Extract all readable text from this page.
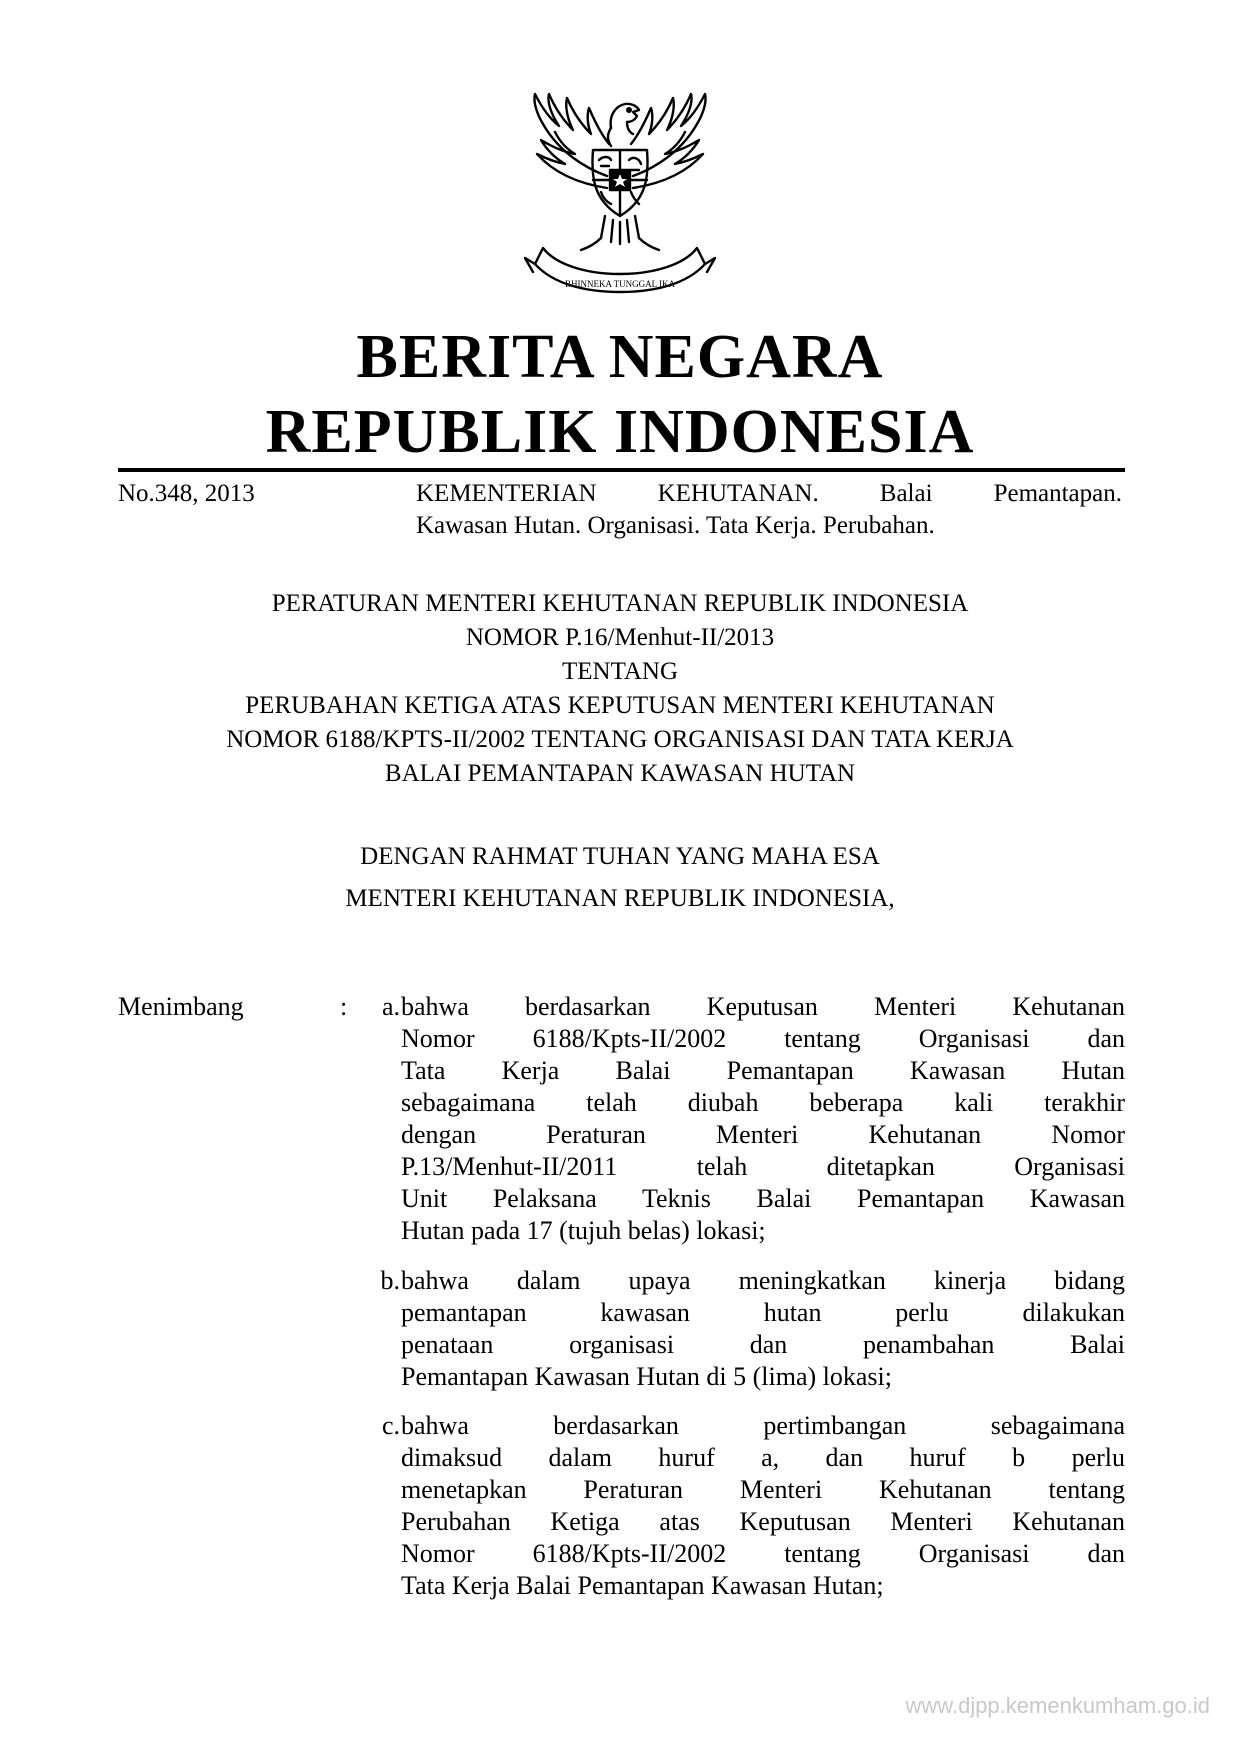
BHINNEKA TUNGGAL IKA
BERITA NEGARA
REPUBLIK INDONESIA
No.348, 2013	KEMENTERIAN KEHUTANAN. Balai Pemantapan.
Kawasan Hutan. Organisasi. Tata Kerja. Perubahan.
PERATURAN MENTERI KEHUTANAN REPUBLIK INDONESIA
NOMOR P.16/Menhut-II/2013
TENTANG
PERUBAHAN KETIGA ATAS KEPUTUSAN MENTERI KEHUTANAN
NOMOR 6188/KPTS-II/2002 TENTANG ORGANISASI DAN TATA KERJA
BALAI PEMANTAPAN KAWASAN HUTAN
DENGAN RAHMAT TUHAN YANG MAHA ESA
MENTERI KEHUTANAN REPUBLIK INDONESIA,
Menimbang	:	a. bahwa berdasarkan Keputusan Menteri Kehutanan
Nomor 6188/Kpts-II/2002 tentang Organisasi dan
Tata Kerja Balai Pemantapan Kawasan Hutan
sebagaimana telah diubah beberapa kali terakhir
dengan Peraturan Menteri Kehutanan Nomor
P.13/Menhut-II/2011 telah ditetapkan Organisasi
Unit Pelaksana Teknis Balai Pemantapan Kawasan
Hutan pada 17 (tujuh belas) lokasi;
b. bahwa dalam upaya meningkatkan kinerja bidang
pemantapan kawasan hutan perlu dilakukan
penataan organisasi dan penambahan Balai
Pemantapan Kawasan Hutan di 5 (lima) lokasi;
c. bahwa berdasarkan pertimbangan sebagaimana
dimaksud dalam huruf a, dan huruf b perlu
menetapkan Peraturan Menteri Kehutanan tentang
Perubahan Ketiga atas Keputusan Menteri Kehutanan
Nomor 6188/Kpts-II/2002 tentang Organisasi dan
Tata Kerja Balai Pemantapan Kawasan Hutan;
www.djpp.kemenkumham.go.id
